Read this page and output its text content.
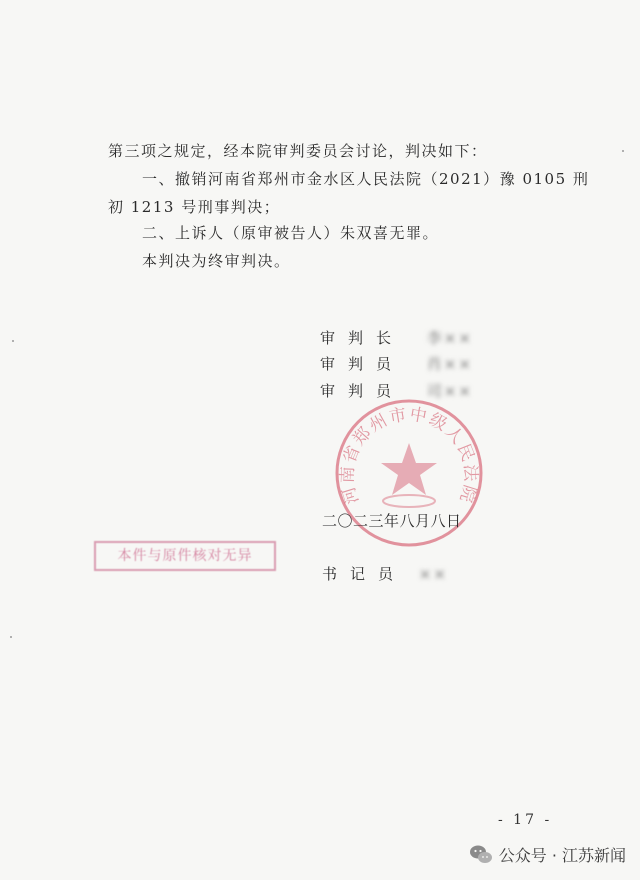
第三项之规定，经本院审判委员会讨论，判决如下：
一、撤销河南省郑州市金水区人民法院（2021）豫 0105 刑
初 1213 号刑事判决；
二、上诉人（原审被告人）朱双喜无罪。
本判决为终审判决。
审判长 李××
审判员 肖××
审判员 司××
河南省郑州市中级人民法院
二〇二三年八月八日
本件与原件核对无异
书记员 ××
- 17 -
公众号 · 江苏新闻
